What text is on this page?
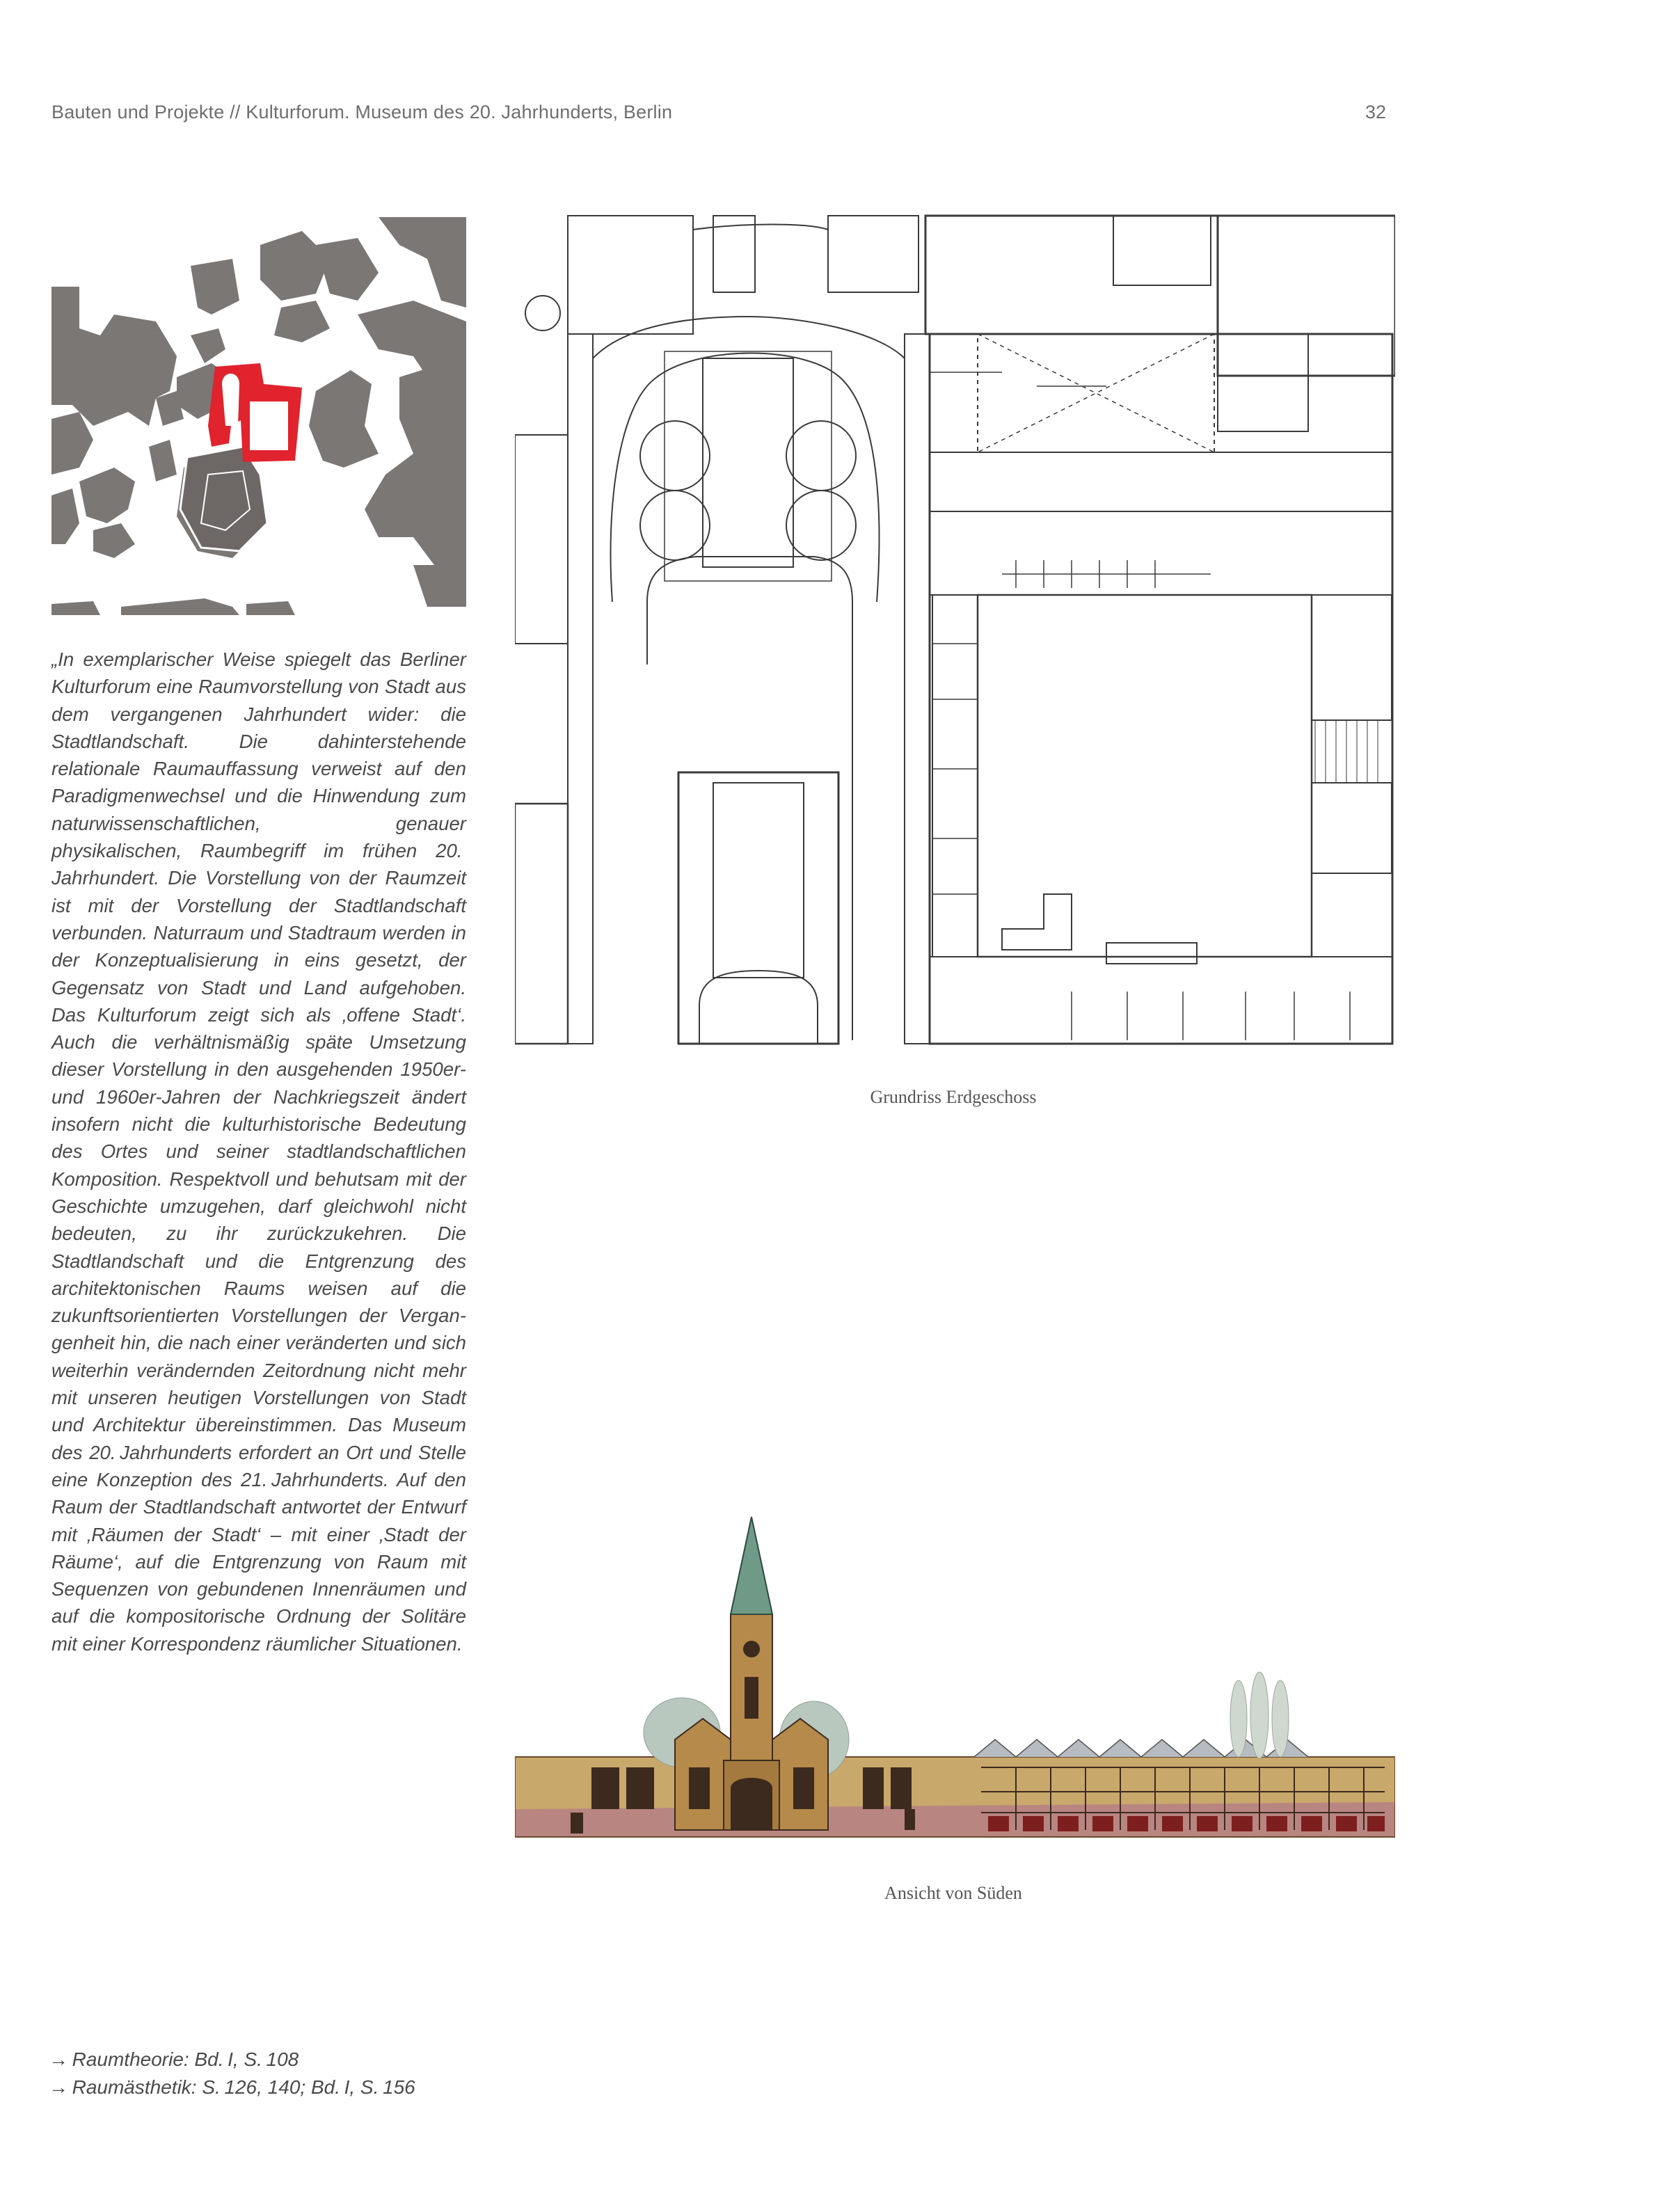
Bauten und Projekte // Kulturforum. Museum des 20. Jahrhunderts, Berlin	32
„In exemplarischer Weise spiegelt das Berliner Kulturforum eine Raumvorstellung von Stadt aus dem vergangenen Jahrhundert wider: die Stadtlandschaft. Die dahinterstehende relationale Raumauffassung verweist auf den Paradigmenwechsel und die Hinwendung zum naturwissenschaftlichen, genauer physikalischen, Raumbegriff im frühen 20. Jahrhundert. Die Vorstellung von der Raumzeit ist mit der Vorstellung der Stadtlandschaft verbunden. Naturraum und Stadtraum werden in der Konzeptualisierung in eins gesetzt, der Gegensatz von Stadt und Land aufgehoben. Das Kulturforum zeigt sich als ‚offene Stadt‘. Auch die verhältnismäßig späte Umsetzung dieser Vorstellung in den ausgehenden 1950er- und 1960er-Jahren der Nachkriegszeit ändert insofern nicht die kulturhistorische Bedeutung des Ortes und seiner stadtlandschaftlichen Komposition. Respektvoll und behutsam mit der Geschichte umzugehen, darf gleichwohl nicht bedeuten, zu ihr zurückzukehren. Die Stadtlandschaft und die Entgrenzung des architektonischen Raums weisen auf die zukunftsorientierten Vorstellungen der Vergangenheit hin, die nach einer veränderten und sich weiterhin verändernden Zeitordnung nicht mehr mit unseren heutigen Vorstellungen von Stadt und Architektur übereinstimmen. Das Museum des 20. Jahrhunderts erfordert an Ort und Stelle eine Konzeption des 21. Jahrhunderts. Auf den Raum der Stadtlandschaft antwortet der Entwurf mit ‚Räumen der Stadt‘ – mit einer ‚Stadt der Räume‘, auf die Entgrenzung von Raum mit Sequenzen von gebundenen Innenräumen und auf die kompositorische Ordnung der Solitäre mit einer Korrespondenz räumlicher Situationen.
Grundriss Erdgeschoss
Ansicht von Süden
→ Raumtheorie: Bd. I, S. 108
→ Raumästhetik: S. 126, 140; Bd. I, S. 156
